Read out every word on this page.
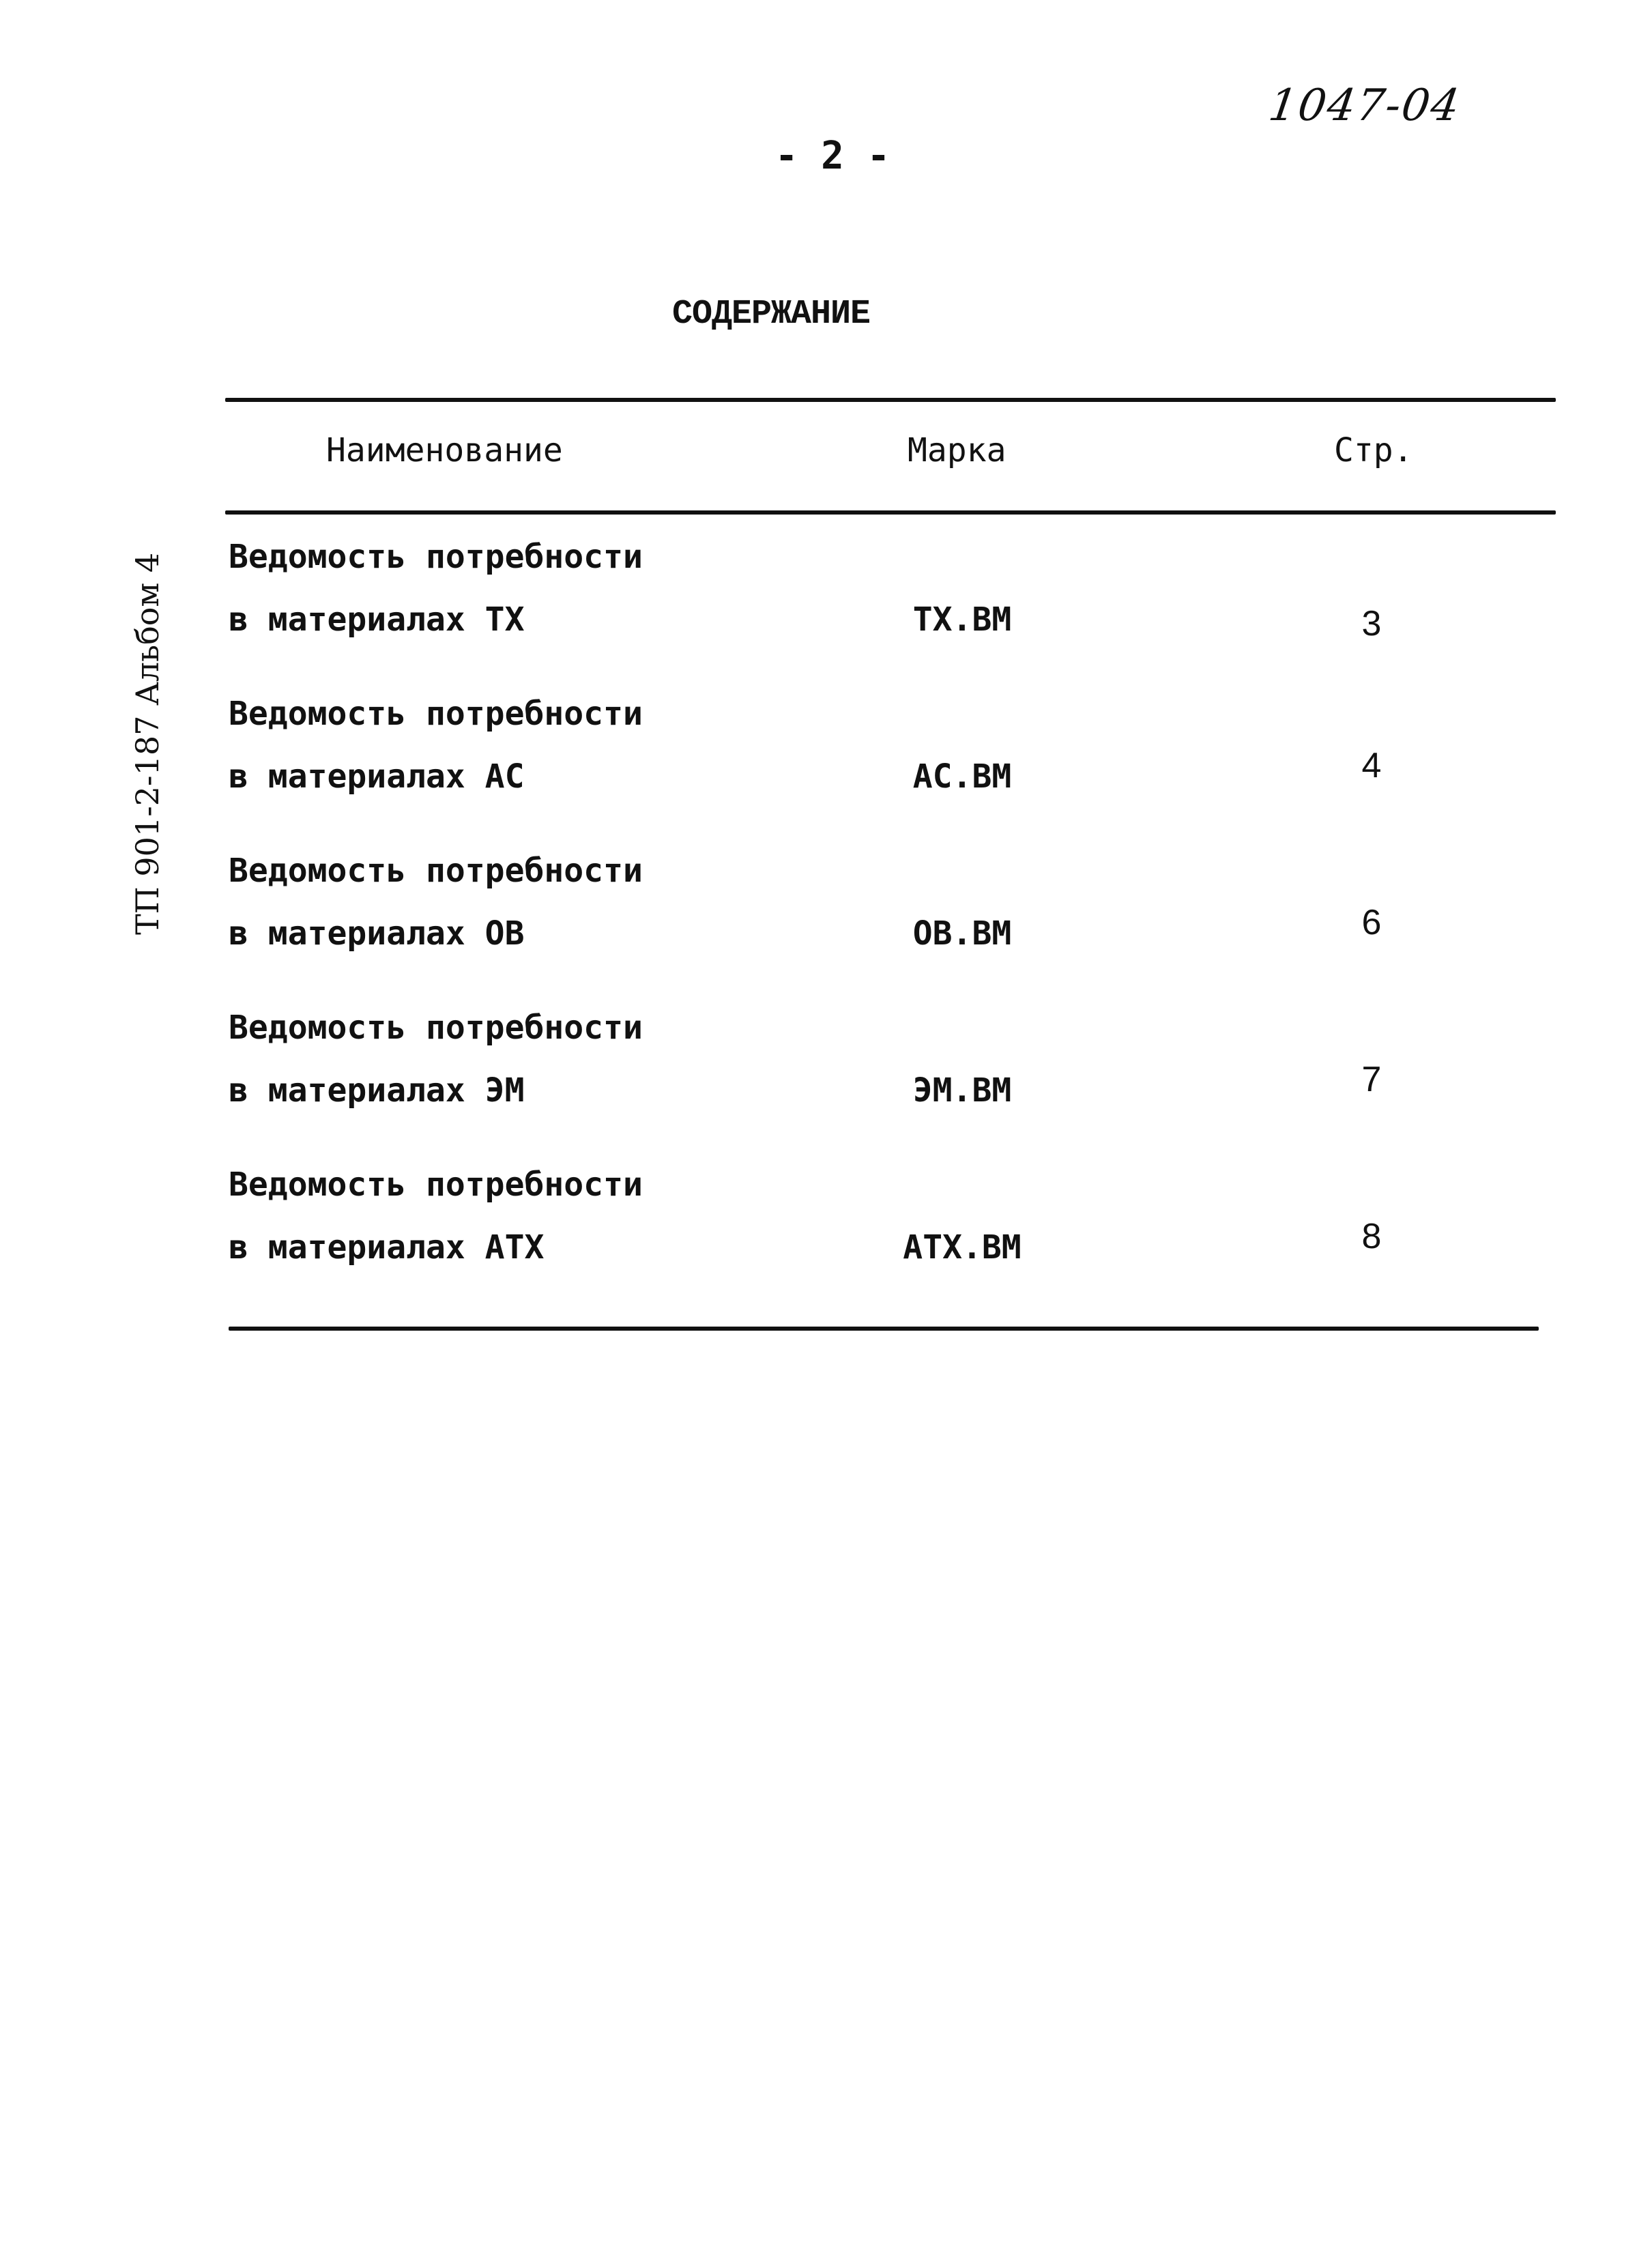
1047-04
- 2 -
СОДЕРЖАНИЕ
ТП 901-2-187 Альбом 4
Наименование	Марка	Стр.
Ведомость потребности
в материалах ТХ	ТХ.ВМ	3
Ведомость потребности
в материалах АС	АС.ВМ	4
Ведомость потребности
в материалах ОВ	ОВ.ВМ	6
Ведомость потребности
в материалах ЭМ	ЭМ.ВМ	7
Ведомость потребности
в материалах АТХ	АТХ.ВМ	8
